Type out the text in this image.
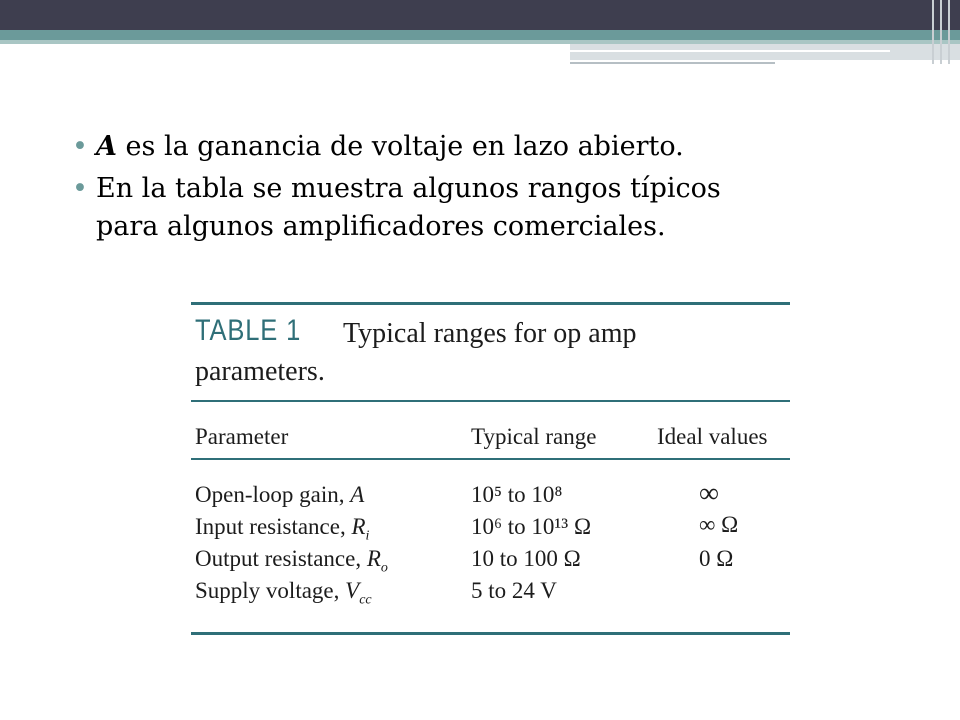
• A es la ganancia de voltaje en lazo abierto.
• En la tabla se muestra algunos rangos típicos
para algunos amplificadores comerciales.
TABLE 1 Typical ranges for op amp
parameters.
Parameter	Typical range	Ideal values
Open-loop gain, A	10⁵ to 10⁸	∞
Input resistance, $R_i$	10⁶ to 10¹³ Ω	∞ Ω
Output resistance, $R_o$	10 to 100 Ω	0 Ω
Supply voltage, $V_{cc}$	5 to 24 V
